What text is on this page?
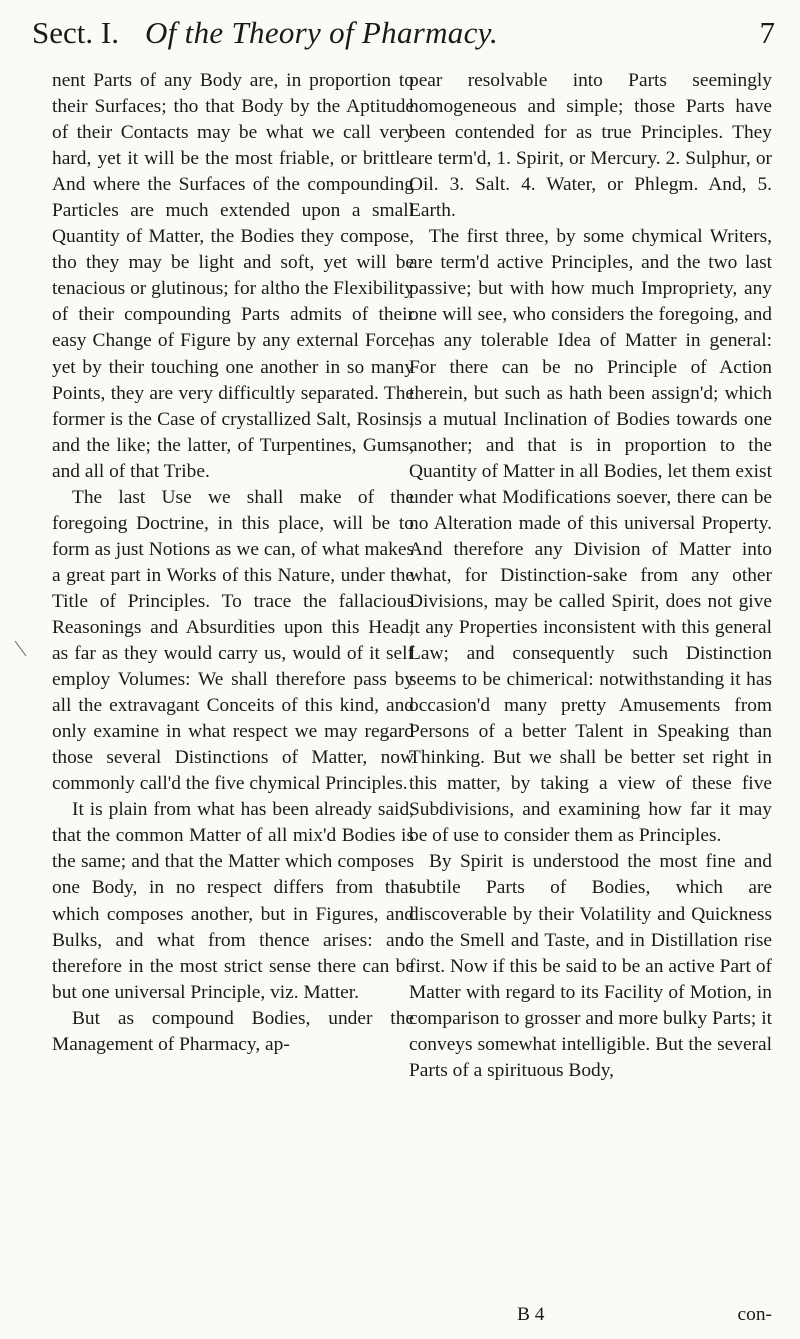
Sect. I. Of the Theory of Pharmacy.	7

nent Parts of any Body are, in proportion to their Surfaces; tho that Body by the Aptitude of their Contacts may be what we call very hard, yet it will be the most friable, or brittle. And where the Surfaces of the compounding Particles are much extended upon a small Quantity of Matter, the Bodies they compose, tho they may be light and soft, yet will be tenacious or glutinous; for altho the Flexibility of their compounding Parts admits of their easy Change of Figure by any external Force, yet by their touching one another in so many Points, they are very difficultly separated. The former is the Case of crystallized Salt, Rosins, and the like; the latter, of Turpentines, Gums, and all of that Tribe.

The last Use we shall make of the foregoing Doctrine, in this place, will be to form as just Notions as we can, of what makes a great part in Works of this Nature, under the Title of Principles. To trace the fallacious Reasonings and Absurdities upon this Head, as far as they would carry us, would of it self employ Volumes: We shall therefore pass by all the extravagant Conceits of this kind, and only examine in what respect we may regard those several Distinctions of Matter, now commonly call'd the five chymical Principles.

It is plain from what has been already said, that the common Matter of all mix'd Bodies is the same; and that the Matter which composes one Body, in no respect differs from that which composes another, but in Figures, and Bulks, and what from thence arises: and therefore in the most strict sense there can be but one universal Principle, viz. Matter.

But as compound Bodies, under the Management of Pharmacy, ap-

pear resolvable into Parts seemingly homogeneous and simple; those Parts have been contended for as true Principles. They are term'd, 1. Spirit, or Mercury. 2. Sulphur, or Oil. 3. Salt. 4. Water, or Phlegm. And, 5. Earth.

The first three, by some chymical Writers, are term'd active Principles, and the two last passive; but with how much Impropriety, any one will see, who considers the foregoing, and has any tolerable Idea of Matter in general: For there can be no Principle of Action therein, but such as hath been assign'd; which is a mutual Inclination of Bodies towards one another; and that is in proportion to the Quantity of Matter in all Bodies, let them exist under what Modifications soever, there can be no Alteration made of this universal Property. And therefore any Division of Matter into what, for Distinction-sake from any other Divisions, may be called Spirit, does not give it any Properties inconsistent with this general Law; and consequently such Distinction seems to be chimerical: notwithstanding it has occasion'd many pretty Amusements from Persons of a better Talent in Speaking than Thinking. But we shall be better set right in this matter, by taking a view of these five Subdivisions, and examining how far it may be of use to consider them as Principles.

By Spirit is understood the most fine and subtile Parts of Bodies, which are discoverable by their Volatility and Quickness to the Smell and Taste, and in Distillation rise first. Now if this be said to be an active Part of Matter with regard to its Facility of Motion, in comparison to grosser and more bulky Parts; it conveys somewhat intelligible. But the several Parts of a spirituous Body,

B 4	con-
